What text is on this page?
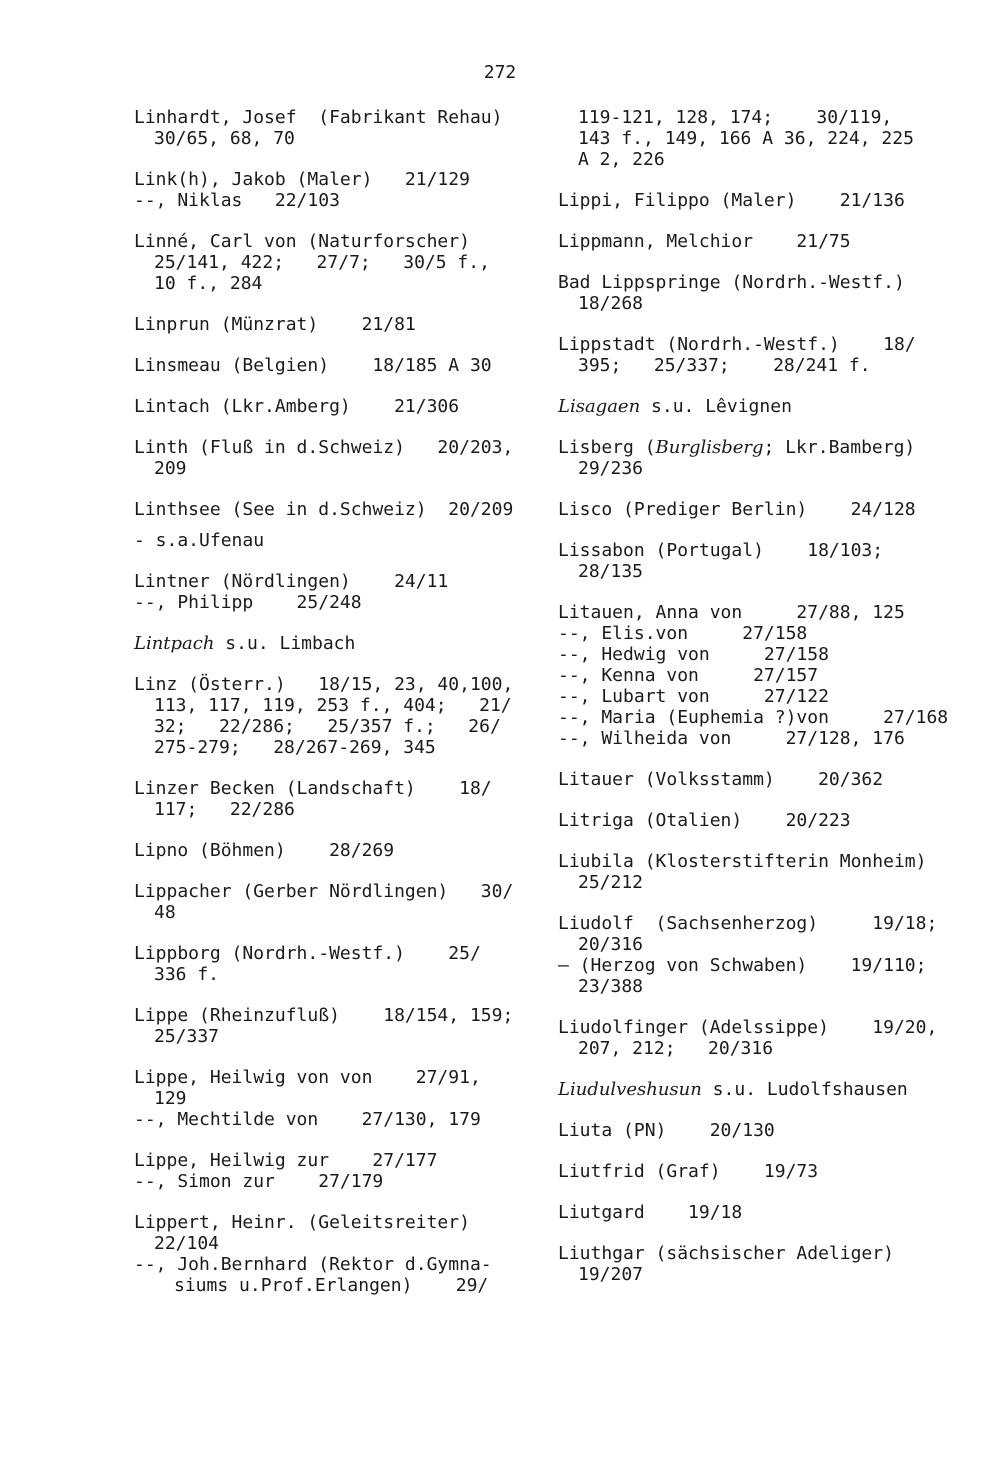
272
Linhardt, Josef  (Fabrikant Rehau)
30/65, 68, 70
Link(h), Jakob (Maler)   21/129
--, Niklas   22/103
Linné, Carl von (Naturforscher)
25/141, 422;   27/7;   30/5 f.,
10 f., 284
Linprun (Münzrat)    21/81
Linsmeau (Belgien)    18/185 A 30
Lintach (Lkr.Amberg)    21/306
Linth (Fluß in d.Schweiz)   20/203,
209
Linthsee (See in d.Schweiz)  20/209
- s.a.Ufenau
Lintner (Nördlingen)    24/11
--, Philipp    25/248
Lintpach s.u. Limbach
Linz (Österr.)   18/15, 23, 40,100,
113, 117, 119, 253 f., 404;   21/
32;   22/286;   25/357 f.;   26/
275-279;   28/267-269, 345
Linzer Becken (Landschaft)    18/
117;   22/286
Lipno (Böhmen)    28/269
Lippacher (Gerber Nördlingen)   30/
48
Lippborg (Nordrh.-Westf.)    25/
336 f.
Lippe (Rheinzufluß)    18/154, 159;
25/337
Lippe, Heilwig von von    27/91,
129
--, Mechtilde von    27/130, 179
Lippe, Heilwig zur    27/177
--, Simon zur    27/179
Lippert, Heinr. (Geleitsreiter)
22/104
--, Joh.Bernhard (Rektor d.Gymna-
siums u.Prof.Erlangen)    29/
119-121, 128, 174;    30/119,
143 f., 149, 166 A 36, 224, 225
A 2, 226
Lippi, Filippo (Maler)    21/136
Lippmann, Melchior    21/75
Bad Lippspringe (Nordrh.-Westf.)
18/268
Lippstadt (Nordrh.-Westf.)    18/
395;   25/337;    28/241 f.
Lisagaen s.u. Lêvignen
Lisberg (Burglisberg; Lkr.Bamberg)
29/236
Lisco (Prediger Berlin)    24/128
Lissabon (Portugal)    18/103;
28/135
Litauen, Anna von     27/88, 125
--, Elis.von     27/158
--, Hedwig von     27/158
--, Kenna von     27/157
--, Lubart von     27/122
--, Maria (Euphemia ?)von     27/168
--, Wilheida von     27/128, 176
Litauer (Volksstamm)    20/362
Litriga (Otalien)    20/223
Liubila (Klosterstifterin Monheim)
25/212
Liudolf  (Sachsenherzog)     19/18;
20/316
— (Herzog von Schwaben)    19/110;
23/388
Liudolfinger (Adelssippe)    19/20,
207, 212;   20/316
Liudulveshusun s.u. Ludolfshausen
Liuta (PN)    20/130
Liutfrid (Graf)    19/73
Liutgard    19/18
Liuthgar (sächsischer Adeliger)
19/207
